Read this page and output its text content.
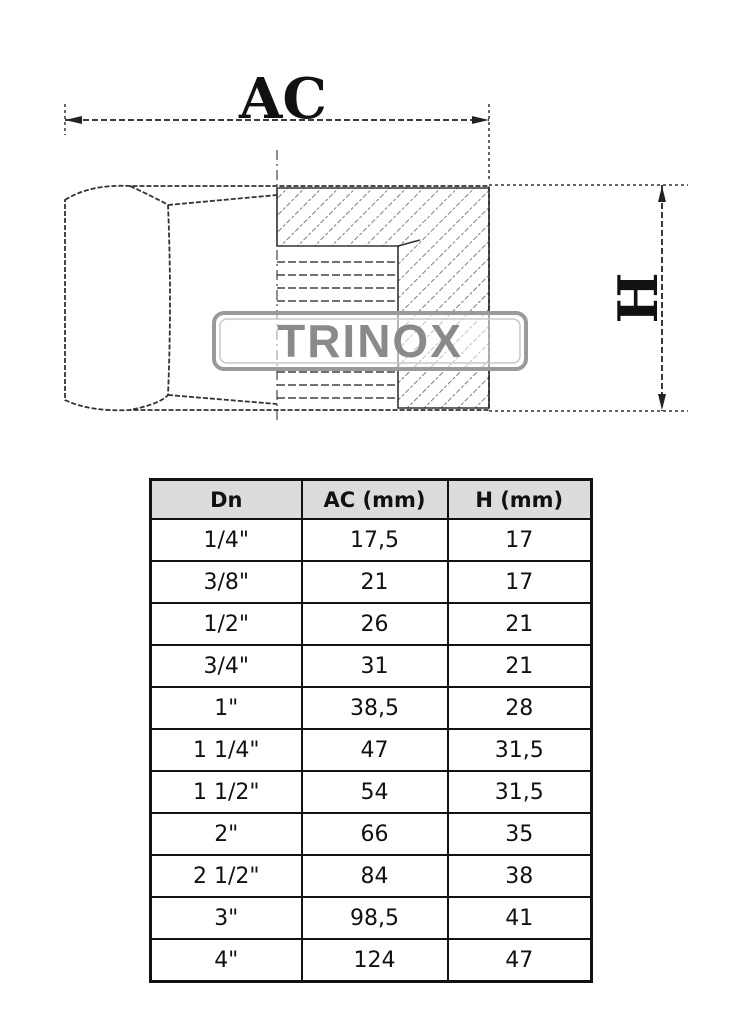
AC
H
TRINOX
Dn	AC (mm)	H (mm)
1/4"	17,5	17
3/8"	21	17
1/2"	26	21
3/4"	31	21
1"	38,5	28
1 1/4"	47	31,5
1 1/2"	54	31,5
2"	66	35
2 1/2"	84	38
3"	98,5	41
4"	124	47
